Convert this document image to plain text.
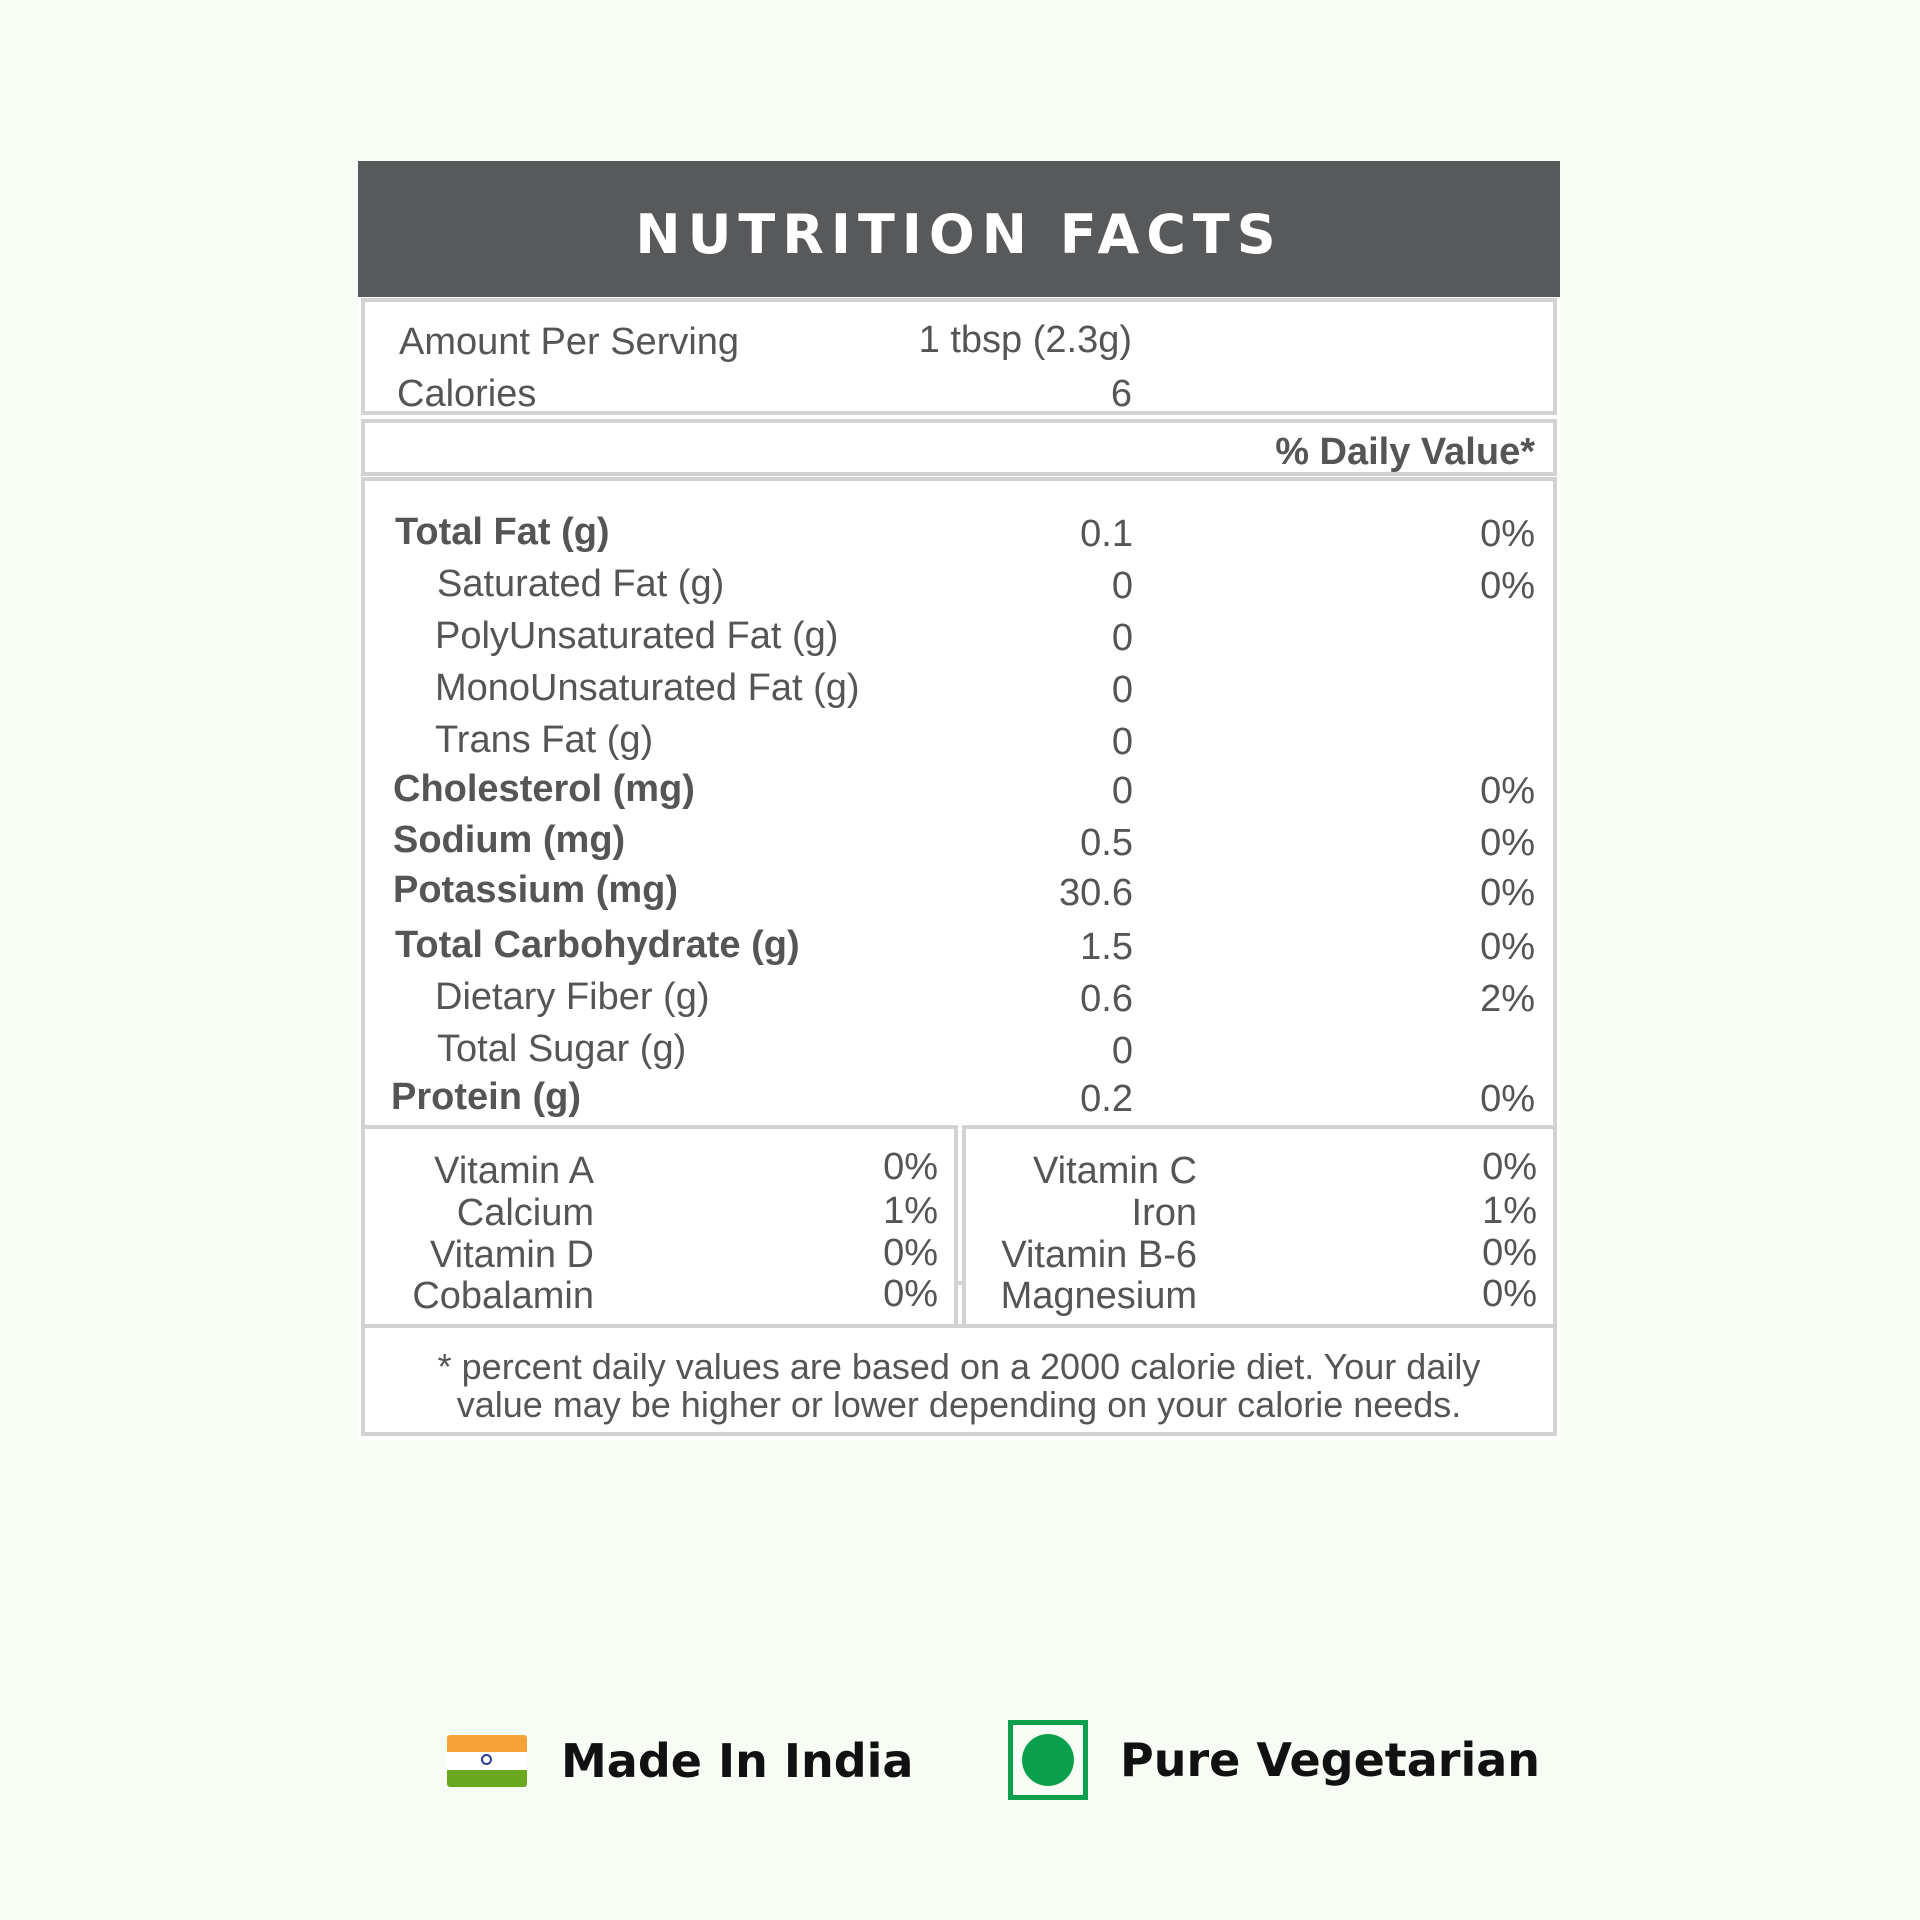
NUTRITION FACTS
Amount Per Serving	1 tbsp (2.3g)
Calories	6
% Daily Value*
Total Fat (g)	0.1	0%
Saturated Fat (g)	0	0%
PolyUnsaturated Fat (g)	0
MonoUnsaturated Fat (g)	0
Trans Fat (g)	0
Cholesterol (mg)	0	0%
Sodium (mg)	0.5	0%
Potassium (mg)	30.6	0%
Total Carbohydrate (g)	1.5	0%
Dietary Fiber (g)	0.6	2%
Total Sugar (g)	0
Protein (g)	0.2	0%
Vitamin A	0%
Calcium	1%
Vitamin D	0%
Cobalamin	0%
Vitamin C	0%
Iron	1%
Vitamin B-6	0%
Magnesium	0%
* percent daily values are based on a 2000 calorie diet. Your daily
value may be higher or lower depending on your calorie needs.
Made In India	Pure Vegetarian
